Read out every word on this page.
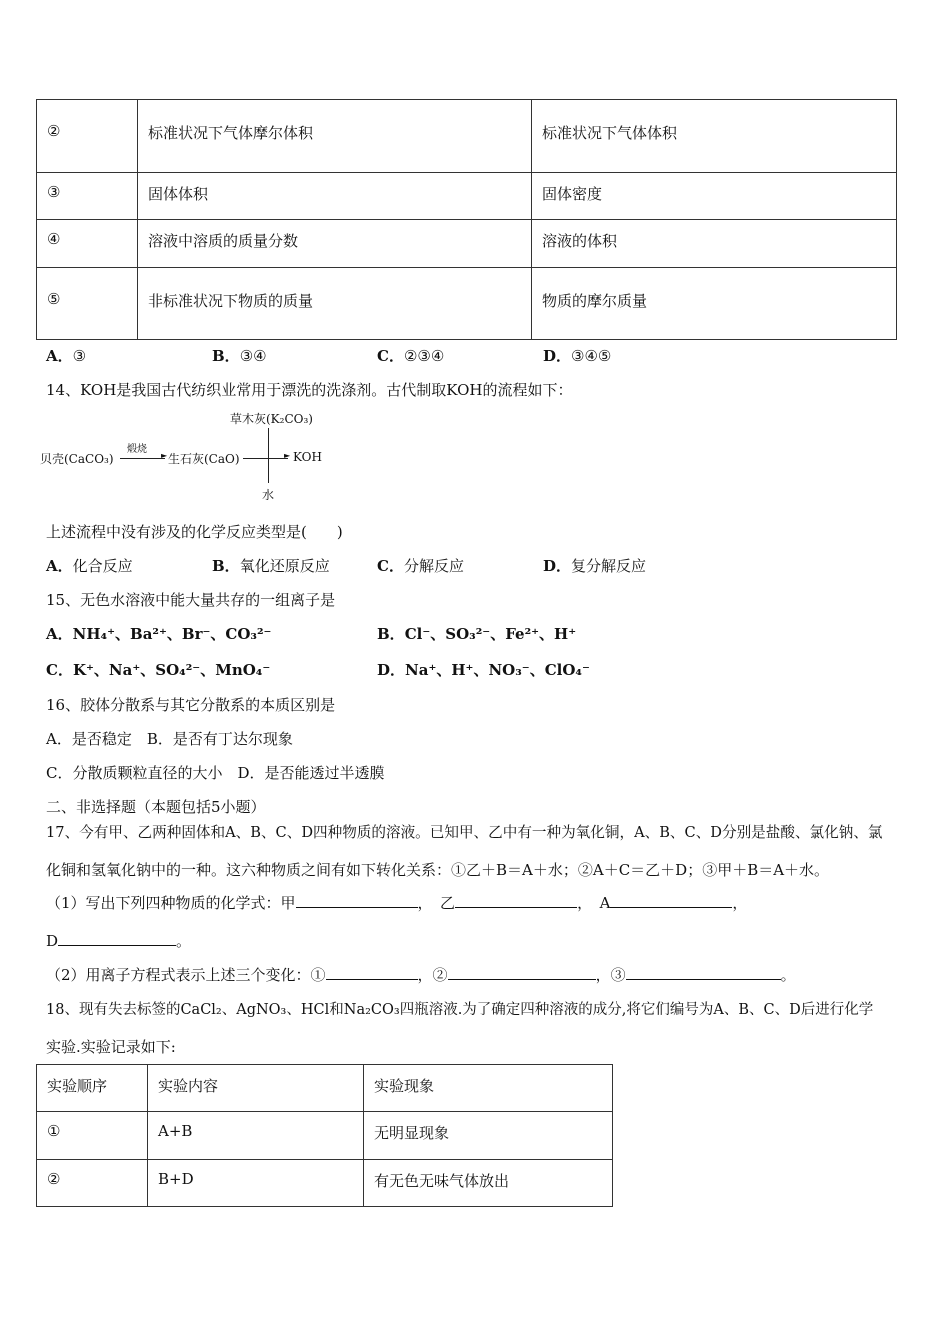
②	标准状况下气体摩尔体积	标准状况下气体体积
③	固体体积	固体密度
④	溶液中溶质的质量分数	溶液的体积
⑤	非标准状况下物质的质量	物质的摩尔质量
A．③	B．③④	C．②③④	D．③④⑤
14、KOH是我国古代纺织业常用于漂洗的洗涤剂。古代制取KOH的流程如下：
草木灰(K₂CO₃)
贝壳(CaCO₃)
煅烧
► 生石灰(CaO)	► KOH
水
上述流程中没有涉及的化学反应类型是(　　)
A．化合反应	B．氧化还原反应	C．分解反应	D．复分解反应
15、无色水溶液中能大量共存的一组离子是
A．NH₄⁺、Ba²⁺、Br⁻、CO₃²⁻	B．Cl⁻、SO₃²⁻、Fe²⁺、H⁺
C．K⁺、Na⁺、SO₄²⁻、MnO₄⁻	D．Na⁺、H⁺、NO₃⁻、ClO₄⁻
16、胶体分散系与其它分散系的本质区别是
A．是否稳定　B．是否有丁达尔现象
C．分散质颗粒直径的大小　D．是否能透过半透膜
二、非选择题（本题包括5小题）
17、今有甲、乙两种固体和A、B、C、D四种物质的溶液。已知甲、乙中有一种为氧化铜，A、B、C、D分别是盐酸、氯化钠、氯
化铜和氢氧化钠中的一种。这六种物质之间有如下转化关系：①乙＋B＝A＋水；②A＋C＝乙＋D；③甲＋B＝A＋水。
（1）写出下列四种物质的化学式：甲	，　乙	，　A	，
D	。
（2）用离子方程式表示上述三个变化：①	，②	，③	。
18、现有失去标签的CaCl₂、AgNO₃、HCl和Na₂CO₃四瓶溶液.为了确定四种溶液的成分,将它们编号为A、B、C、D后进行化学
实验.实验记录如下:
实验顺序	实验内容	实验现象
①	A+B	无明显现象
②	B+D	有无色无味气体放出
